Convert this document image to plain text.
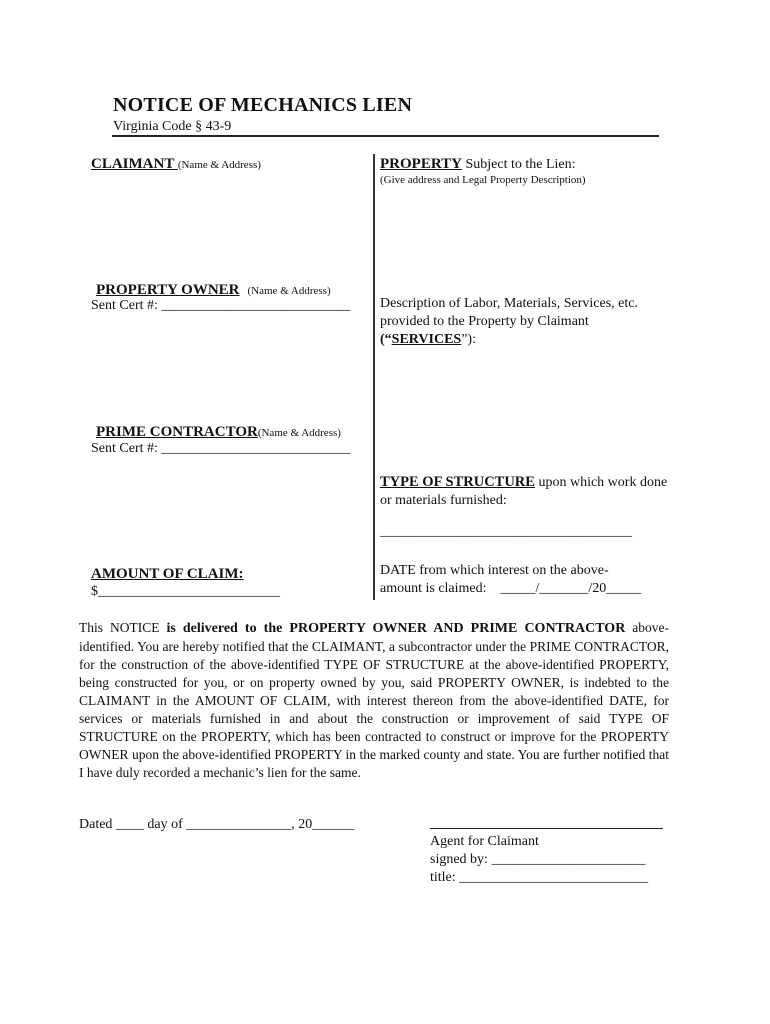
NOTICE OF MECHANICS LIEN
Virginia Code § 43-9
CLAIMANT (Name & Address)	PROPERTY Subject to the Lien:
(Give address and Legal Property Description)
PROPERTY OWNER (Name & Address)
Sent Cert #: ___________________________ Description of Labor, Materials, Services, etc.
provided to the Property by Claimant
(“SERVICES”):
PRIME CONTRACTOR(Name & Address)
Sent Cert #: ___________________________
TYPE OF STRUCTURE upon which work done or materials furnished:
____________________________________
AMOUNT OF CLAIM:
$__________________________
DATE from which interest on the above-
amount is claimed:    _____/_______/20_____
This NOTICE is delivered to the PROPERTY OWNER AND PRIME CONTRACTOR above-identified. You are hereby notified that the CLAIMANT, a subcontractor under the PRIME CONTRACTOR, for the construction of the above-identified TYPE OF STRUCTURE at the above-identified PROPERTY, being constructed for you, or on property owned by you, said PROPERTY OWNER, is indebted to the CLAIMANT in the AMOUNT OF CLAIM, with interest thereon from the above-identified DATE, for services or materials furnished in and about the construction or improvement of said TYPE OF STRUCTURE on the PROPERTY, which has been contracted to construct or improve for the PROPERTY OWNER upon the above-identified PROPERTY in the marked county and state. You are further notified that I have duly recorded a mechanic’s lien for the same.
Dated ____ day of _______________, 20______
Agent for Claimant
signed by: ______________________
title: ___________________________
